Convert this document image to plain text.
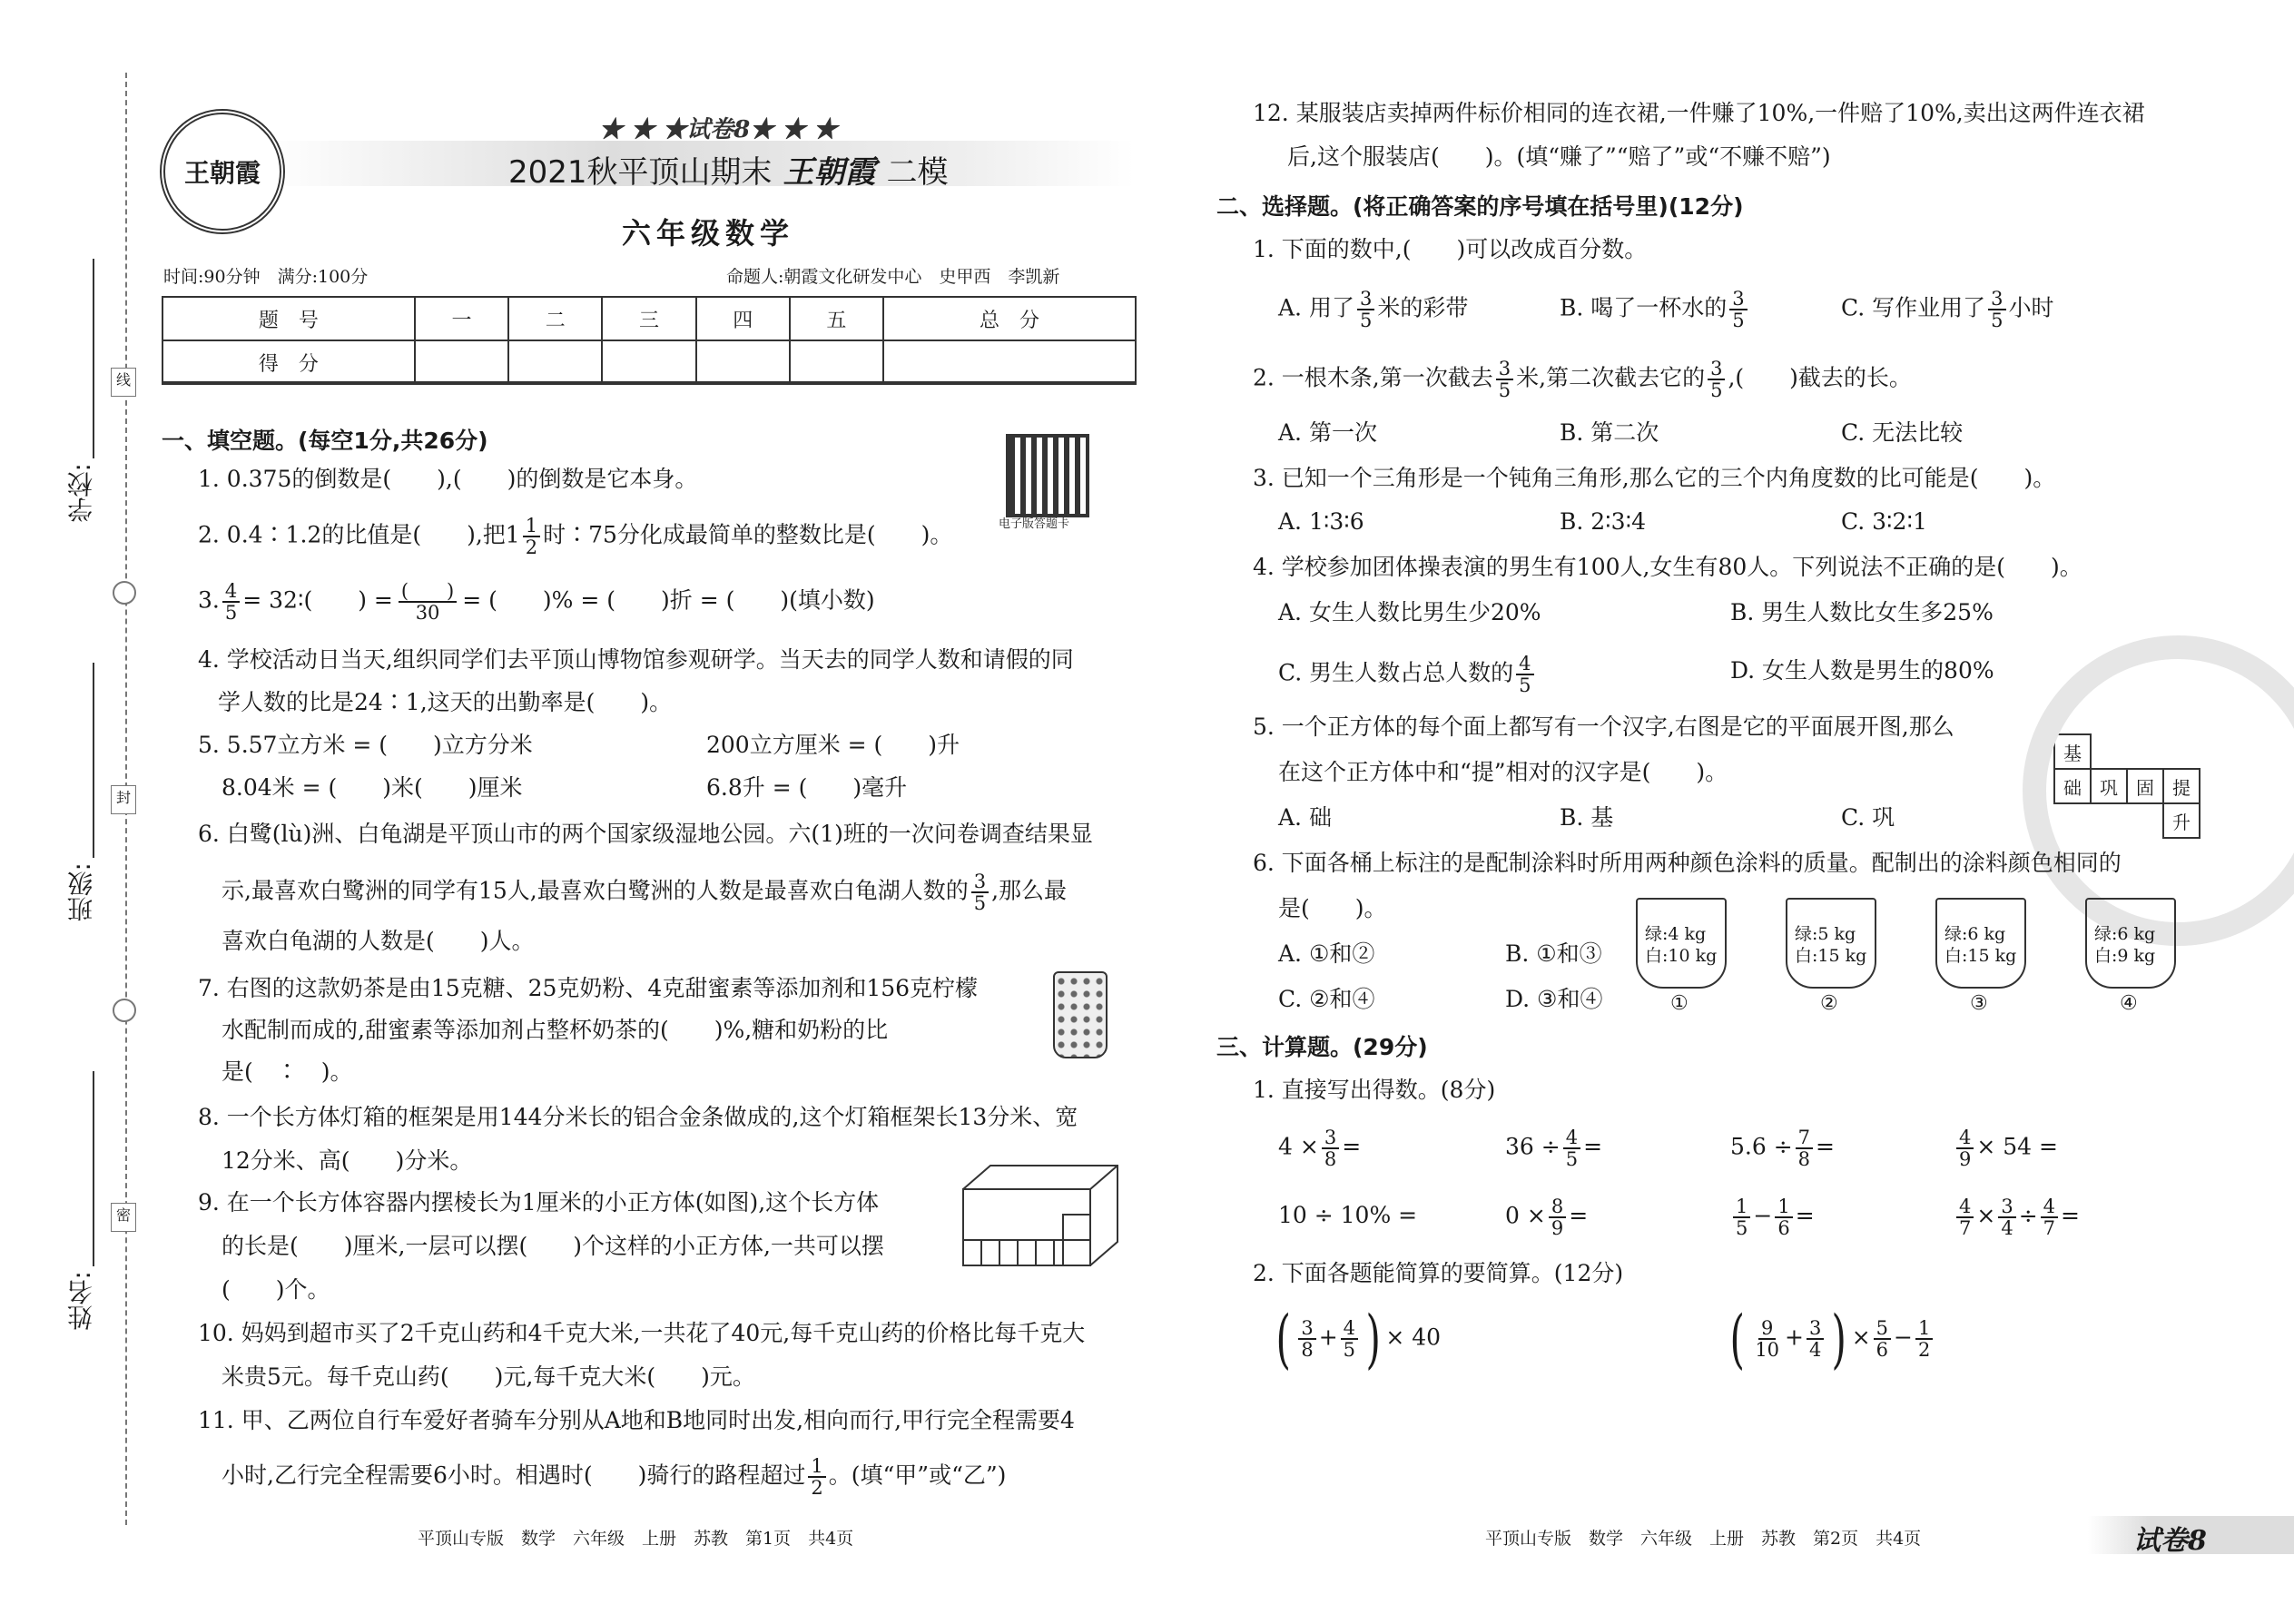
学校:
班级:
姓名:
线
封
密
王朝霞
★ ★ ★试卷8★ ★ ★
2021秋平顶山期末 王朝霞 二模
六年级数学
时间:90分钟　满分:100分	命题人:朝霞文化研发中心　史甲西　李凯新
题　号	一	二	三	四	五	总　分
得　分						
电子版答题卡
一、填空题。(每空1分,共26分)
1. 0.375的倒数是(　　),(　　)的倒数是它本身。
2. 0.4∶1.2的比值是(　　),把$1 \frac{1}{2}$ 时∶75分化成最简单的整数比是(　　)。
3. $\frac{4}{5}$ = 32∶(　　) = $\frac{( )}{30}$ = (　　)% = (　　)折 = (　　)(填小数)
4. 学校活动日当天,组织同学们去平顶山博物馆参观研学。当天去的同学人数和请假的同
学人数的比是24∶1,这天的出勤率是(　　)。
5. 5.57立方米 = (　　)立方分米	200立方厘米 = (　　)升
8.04米 = (　　)米(　　)厘米	6.8升 = (　　)毫升
6. 白鹭(lù)洲、白龟湖是平顶山市的两个国家级湿地公园。六(1)班的一次问卷调查结果显
示,最喜欢白鹭洲的同学有15人,最喜欢白鹭洲的人数是最喜欢白龟湖人数的 $\frac{3}{5}$ ,那么最
喜欢白龟湖的人数是(　　)人。
7. 右图的这款奶茶是由15克糖、25克奶粉、4克甜蜜素等添加剂和156克柠檬
水配制而成的,甜蜜素等添加剂占整杯奶茶的(　　)%,糖和奶粉的比
是(　∶　)。
8. 一个长方体灯箱的框架是用144分米长的铝合金条做成的,这个灯箱框架长13分米、宽
12分米、高(　　)分米。
9. 在一个长方体容器内摆棱长为1厘米的小正方体(如图),这个长方体
的长是(　　)厘米,一层可以摆(　　)个这样的小正方体,一共可以摆
(　　)个。
10. 妈妈到超市买了2千克山药和4千克大米,一共花了40元,每千克山药的价格比每千克大
米贵5元。每千克山药(　　)元,每千克大米(　　)元。
11. 甲、乙两位自行车爱好者骑车分别从A地和B地同时出发,相向而行,甲行完全程需要4
小时,乙行完全程需要6小时。相遇时(　　)骑行的路程超过 $\frac{1}{2}$ 。(填“甲”或“乙”)
12. 某服装店卖掉两件标价相同的连衣裙,一件赚了10%,一件赔了10%,卖出这两件连衣裙
后,这个服装店(　　)。(填“赚了”“赔了”或“不赚不赔”)
二、选择题。(将正确答案的序号填在括号里)(12分)
1. 下面的数中,(　　)可以改成百分数。
A. 用了 $\frac{3}{5}$ 米的彩带	B. 喝了一杯水的 $\frac{3}{5}$	C. 写作业用了 $\frac{3}{5}$ 小时
2. 一根木条,第一次截去 $\frac{3}{5}$ 米,第二次截去它的 $\frac{3}{5}$ ,(　　)截去的长。
A. 第一次	B. 第二次	C. 无法比较
3. 已知一个三角形是一个钝角三角形,那么它的三个内角度数的比可能是(　　)。
A. 1∶3∶6	B. 2∶3∶4	C. 3∶2∶1
4. 学校参加团体操表演的男生有100人,女生有80人。下列说法不正确的是(　　)。
A. 女生人数比男生少20%	B. 男生人数比女生多25%
C. 男生人数占总人数的 $\frac{4}{5}$	D. 女生人数是男生的80%
5. 一个正方体的每个面上都写有一个汉字,右图是它的平面展开图,那么
在这个正方体中和“提”相对的汉字是(　　)。
A. 础	B. 基	C. 巩
基			
础	巩	固	提
			升
6. 下面各桶上标注的是配制涂料时所用两种颜色涂料的质量。配制出的涂料颜色相同的
是(　　)。
A. ①和②	B. ①和③
C. ②和④	D. ③和④
绿:4 kg
白:10 kg
①
绿:5 kg
白:15 kg
②
绿:6 kg
白:15 kg
③
绿:6 kg
白:9 kg
④
三、计算题。(29分)
1. 直接写出得数。(8分)
$4 \times \frac{3}{8}$ =	$36 \div \frac{4}{5}$ =	$5.6 \div \frac{7}{8}$ =	$\frac{4}{9} \times 54$ =
10 ÷ 10% =	$0 \times \frac{8}{9}$ =	$\frac{1}{5} - \frac{1}{6}$ =	$\frac{4}{7} \times \frac{3}{4} \div \frac{4}{7}$ =
2. 下面各题能简算的要简算。(12分)
( $\frac{3}{8} + \frac{4}{5}$ ) × 40	( $\frac{9}{10} + \frac{3}{4}$ ) × $\frac{5}{6} - \frac{1}{2}$
平顶山专版　数学　六年级　上册　苏教　第1页　共4页	平顶山专版　数学　六年级　上册　苏教　第2页　共4页	试卷8
